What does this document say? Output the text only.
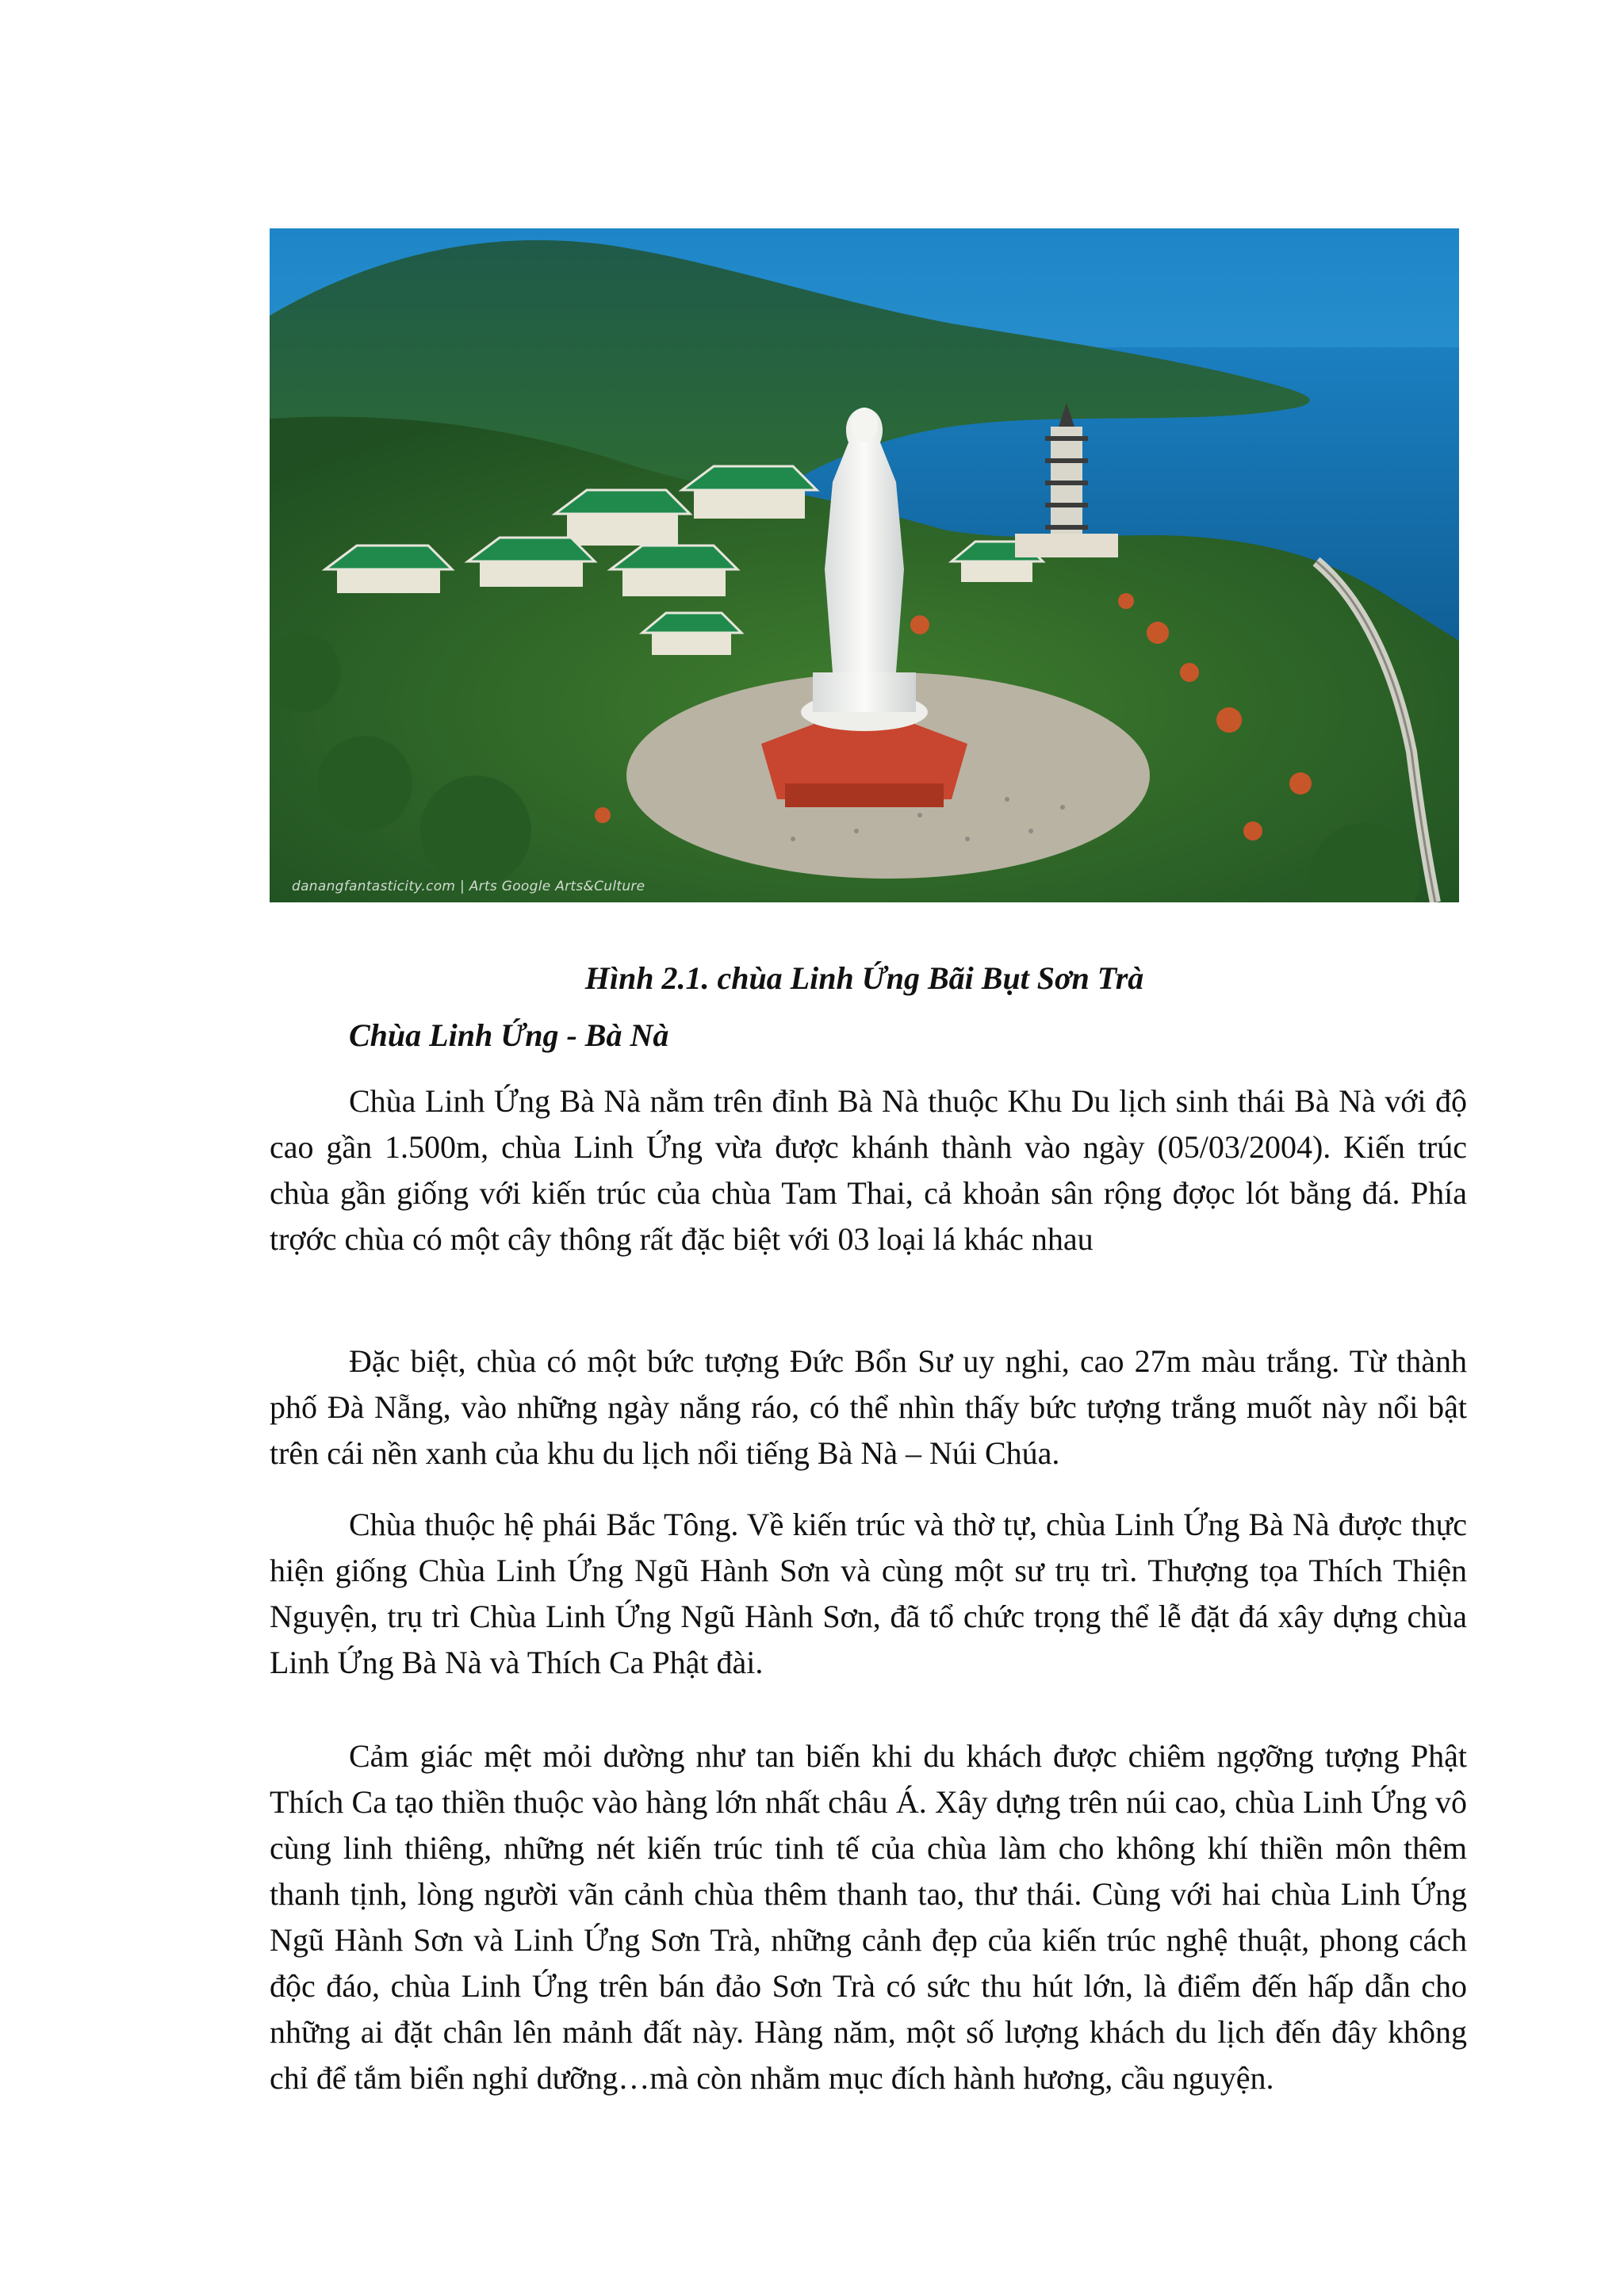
danangfantasticity.com | Arts Google Arts&Culture

Hình 2.1. chùa Linh Ứng Bãi Bụt Sơn Trà

Chùa Linh Ứng - Bà Nà

Chùa Linh Ứng Bà Nà nằm trên đỉnh Bà Nà thuộc Khu Du lịch sinh thái Bà Nà với độ cao gần 1.500m, chùa Linh Ứng vừa được khánh thành vào ngày (05/03/2004). Kiến trúc chùa gần giống với kiến trúc của chùa Tam Thai, cả khoản sân rộng đợọc lót bằng đá. Phía trợớc chùa có một cây thông rất đặc biệt với 03 loại lá khác nhau

Đặc biệt, chùa có một bức tượng Đức Bổn Sư uy nghi, cao 27m màu trắng. Từ thành phố Đà Nẵng, vào những ngày nắng ráo, có thể nhìn thấy bức tượng trắng muốt này nổi bật trên cái nền xanh của khu du lịch nổi tiếng Bà Nà – Núi Chúa.

Chùa thuộc hệ phái Bắc Tông. Về kiến trúc và thờ tự, chùa Linh Ứng Bà Nà được thực hiện giống Chùa Linh Ứng Ngũ Hành Sơn và cùng một sư trụ trì. Thượng tọa Thích Thiện Nguyện, trụ trì Chùa Linh Ứng Ngũ Hành Sơn, đã tổ chức trọng thể lễ đặt đá xây dựng chùa Linh Ứng Bà Nà và Thích Ca Phật đài.

Cảm giác mệt mỏi dường như tan biến khi du khách được chiêm ngợỡng tượng Phật Thích Ca tạo thiền thuộc vào hàng lớn nhất châu Á. Xây dựng trên núi cao, chùa Linh Ứng vô cùng linh thiêng, những nét kiến trúc tinh tế của chùa làm cho không khí thiền môn thêm thanh tịnh, lòng người vãn cảnh chùa thêm thanh tao, thư thái. Cùng với hai chùa Linh Ứng Ngũ Hành Sơn và Linh Ứng Sơn Trà, những cảnh đẹp của kiến trúc nghệ thuật, phong cách độc đáo, chùa Linh Ứng trên bán đảo Sơn Trà có sức thu hút lớn, là điểm đến hấp dẫn cho những ai đặt chân lên mảnh đất này. Hàng năm, một số lượng khách du lịch đến đây không chỉ để tắm biển nghỉ dưỡng…mà còn nhằm mục đích hành hương, cầu nguyện.
